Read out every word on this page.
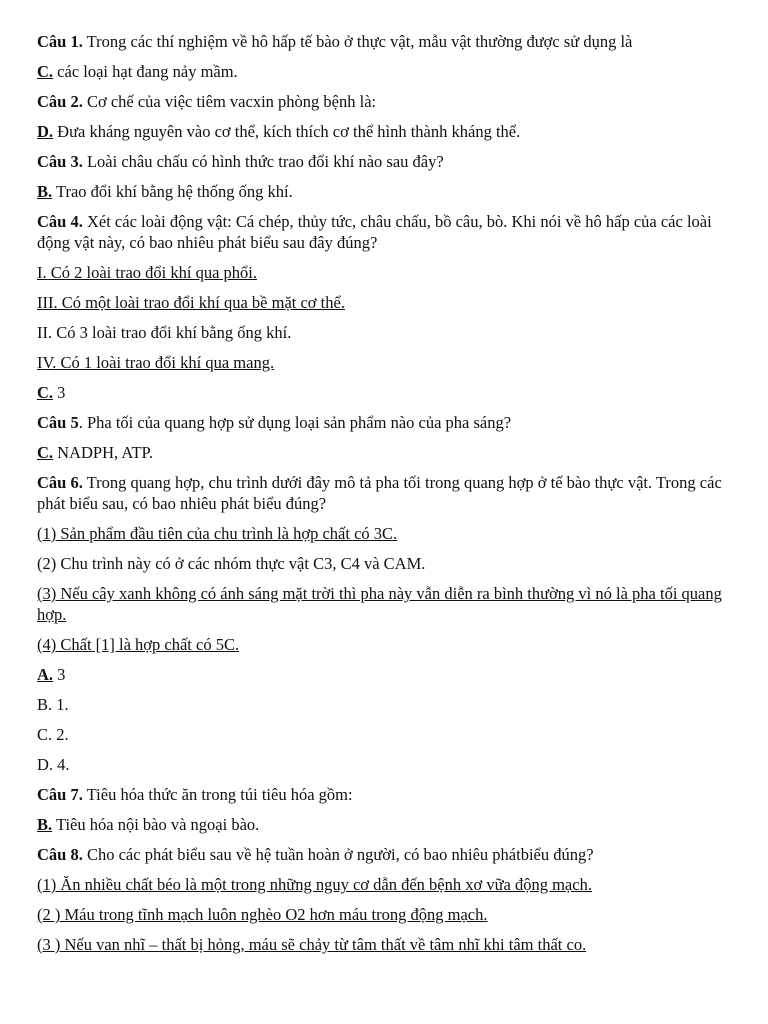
Câu 1. Trong các thí nghiệm về hô hấp tế bào ở thực vật, mẫu vật thường được sử dụng là

C. các loại hạt đang nảy mầm.

Câu 2. Cơ chế của việc tiêm vacxin phòng bệnh là:

D. Đưa kháng nguyên vào cơ thể, kích thích cơ thể hình thành kháng thể.

Câu 3. Loài châu chấu có hình thức trao đổi khí nào sau đây?

B. Trao đổi khí bằng hệ thống ống khí.

Câu 4. Xét các loài động vật: Cá chép, thủy tức, châu chấu, bồ câu, bò. Khi nói về hô hấp của các loài động vật này, có bao nhiêu phát biểu sau đây đúng?

I. Có 2 loài trao đổi khí qua phổi.

III. Có một loài trao đổi khí qua bề mặt cơ thể.

II. Có 3 loài trao đổi khí bằng ống khí.

IV. Có 1 loài trao đổi khí qua mang.

C. 3

Câu 5. Pha tối của quang hợp sử dụng loại sản phẩm nào của pha sáng?

C. NADPH, ATP.

Câu 6. Trong quang hợp, chu trình dưới đây mô tả pha tối trong quang hợp ở tế bào thực vật. Trong các phát biểu sau, có bao nhiêu phát biểu đúng?

(1) Sản phẩm đầu tiên của chu trình là hợp chất có 3C.

(2) Chu trình này có ở các nhóm thực vật C3, C4 và CAM.

(3) Nếu cây xanh không có ánh sáng mặt trời thì pha này vẫn diễn ra bình thường vì nó là pha tối quang hợp.

(4) Chất [1] là hợp chất có 5C.

A. 3

B. 1.

C. 2.

D. 4.

Câu 7. Tiêu hóa thức ăn trong túi tiêu hóa gồm:

B. Tiêu hóa nội bào và ngoại bào.

Câu 8. Cho các phát biểu sau về hệ tuần hoàn ở người, có bao nhiêu phátbiểu đúng?

(1) Ăn nhiều chất béo là một trong những nguy cơ dẫn đến bệnh xơ vữa động mạch.

(2 ) Máu trong tĩnh mạch luôn nghèo O2 hơn máu trong động mạch.

(3 ) Nếu van nhĩ – thất bị hỏng, máu sẽ chảy từ tâm thất về tâm nhĩ khi tâm thất co.
